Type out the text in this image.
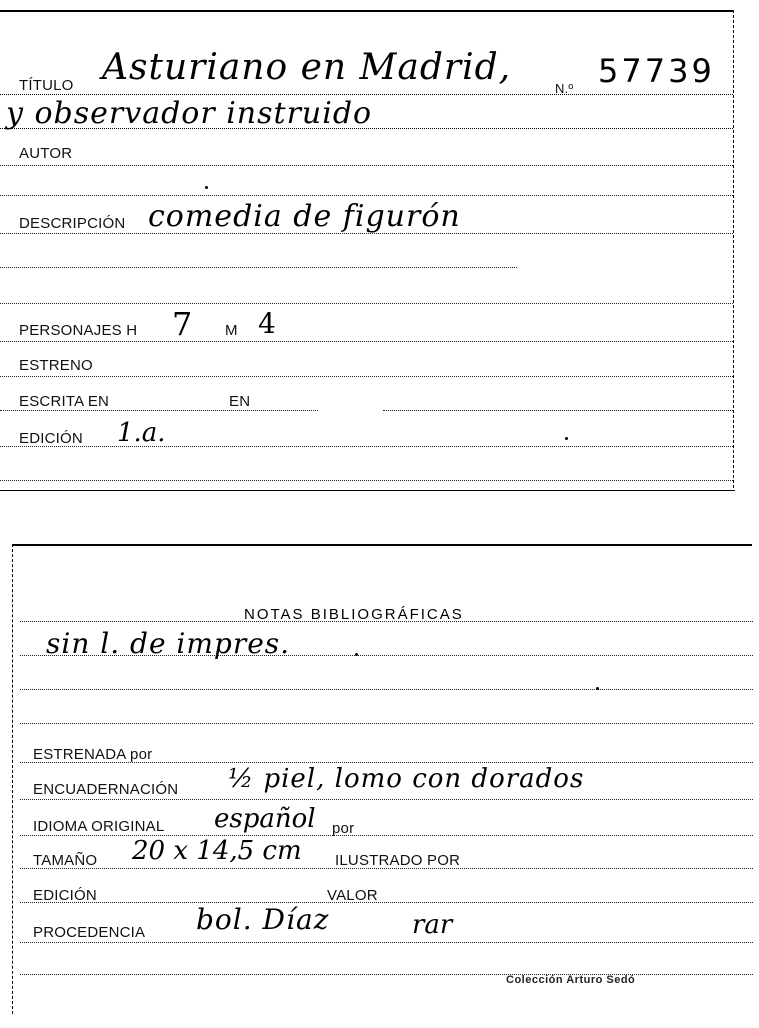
TÍTULO Asturiano en Madrid,
N.º 57739
y observador instruido
AUTOR
DESCRIPCIÓN comedia de figurón
PERSONAJES H 7 M 4
ESTRENO
ESCRITA EN	EN
EDICIÓN 1.a.
NOTAS BIBLIOGRÁFICAS
sin l. de impres.
ESTRENADA por
ENCUADERNACIÓN ½ piel, lomo con dorados
IDIOMA ORIGINAL español por
TAMAÑO 20 x 14,5 cm ILUSTRADO POR
EDICIÓN	VALOR
PROCEDENCIA bol. Díaz	rar
Colección Arturo Sedó
